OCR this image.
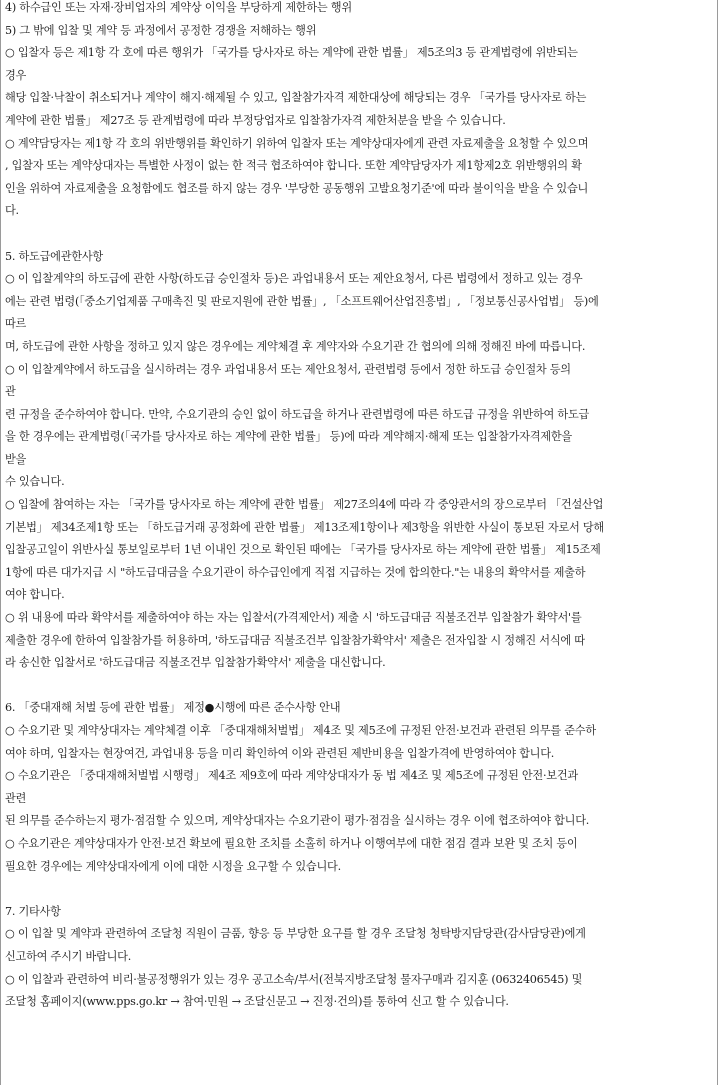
4) 하수급인 또는 자재·장비업자의 계약상 이익을 부당하게 제한하는 행위
5) 그 밖에 입찰 및 계약 등 과정에서 공정한 경쟁을 저해하는 행위
○ 입찰자 등은 제1항 각 호에 따른 행위가 「국가를 당사자로 하는 계약에 관한 법률」 제5조의3 등 관계법령에 위반되는
경우
해당 입찰·낙찰이 취소되거나 계약이 해지·해제될 수 있고, 입찰참가자격 제한대상에 해당되는 경우 「국가를 당사자로 하는
계약에 관한 법률」 제27조 등 관계법령에 따라 부정당업자로 입찰참가자격 제한처분을 받을 수 있습니다.
○ 계약담당자는 제1항 각 호의 위반행위를 확인하기 위하여 입찰자 또는 계약상대자에게 관련 자료제출을 요청할 수 있으며
, 입찰자 또는 계약상대자는 특별한 사정이 없는 한 적극 협조하여야 합니다. 또한 계약담당자가 제1항제2호 위반행위의 확
인을 위하여 자료제출을 요청함에도 협조를 하지 않는 경우 '부당한 공동행위 고발요청기준'에 따라 불이익을 받을 수 있습니
다.
5. 하도급에관한사항
○ 이 입찰계약의 하도급에 관한 사항(하도급 승인절차 등)은 과업내용서 또는 제안요청서, 다른 법령에서 정하고 있는 경우
에는 관련 법령(「중소기업제품 구매촉진 및 판로지원에 관한 법률」, 「소프트웨어산업진흥법」, 「정보통신공사업법」 등)에
따르
며, 하도급에 관한 사항을 정하고 있지 않은 경우에는 계약체결 후 계약자와 수요기관 간 협의에 의해 정해진 바에 따릅니다.
○ 이 입찰계약에서 하도급을 실시하려는 경우 과업내용서 또는 제안요청서, 관련법령 등에서 정한 하도급 승인절차 등의
관
련 규정을 준수하여야 합니다. 만약, 수요기관의 승인 없이 하도급을 하거나 관련법령에 따른 하도급 규정을 위반하여 하도급
을 한 경우에는 관계법령(「국가를 당사자로 하는 계약에 관한 법률」 등)에 따라 계약해지·해제 또는 입찰참가자격제한을
받을
수 있습니다.
○ 입찰에 참여하는 자는 「국가를 당사자로 하는 계약에 관한 법률」 제27조의4에 따라 각 중앙관서의 장으로부터 「건설산업
기본법」 제34조제1항 또는 「하도급거래 공정화에 관한 법률」 제13조제1항이나 제3항을 위반한 사실이 통보된 자로서 당해
입찰공고일이 위반사실 통보일로부터 1년 이내인 것으로 확인된 때에는 「국가를 당사자로 하는 계약에 관한 법률」 제15조제
1항에 따른 대가지급 시 "하도급대금을 수요기관이 하수급인에게 직접 지급하는 것에 합의한다."는 내용의 확약서를 제출하
여야 합니다.
○ 위 내용에 따라 확약서를 제출하여야 하는 자는 입찰서(가격제안서) 제출 시 '하도급대금 직불조건부 입찰참가 확약서'를
제출한 경우에 한하여 입찰참가를 허용하며, '하도급대금 직불조건부 입찰참가확약서' 제출은 전자입찰 시 정해진 서식에 따
라 송신한 입찰서로 '하도급대금 직불조건부 입찰참가확약서' 제출을 대신합니다.
6. 「중대재해 처벌 등에 관한 법률」 제정●시행에 따른 준수사항 안내
○ 수요기관 및 계약상대자는 계약체결 이후 「중대재해처벌법」 제4조 및 제5조에 규정된 안전·보건과 관련된 의무를 준수하
여야 하며, 입찰자는 현장여건, 과업내용 등을 미리 확인하여 이와 관련된 제반비용을 입찰가격에 반영하여야 합니다.
○ 수요기관은 「중대재해처벌법 시행령」 제4조 제9호에 따라 계약상대자가 동 법 제4조 및 제5조에 규정된 안전·보건과
관련
된 의무를 준수하는지 평가·점검할 수 있으며, 계약상대자는 수요기관이 평가·점검을 실시하는 경우 이에 협조하여야 합니다.
○ 수요기관은 계약상대자가 안전·보건 확보에 필요한 조치를 소홀히 하거나 이행여부에 대한 점검 결과 보완 및 조치 등이
필요한 경우에는 계약상대자에게 이에 대한 시정을 요구할 수 있습니다.
7. 기타사항
○ 이 입찰 및 계약과 관련하여 조달청 직원이 금품, 향응 등 부당한 요구를 할 경우 조달청 청탁방지담당관(감사담당관)에게
신고하여 주시기 바랍니다.
○ 이 입찰과 관련하여 비리·불공정행위가 있는 경우 공고소속/부서(전북지방조달청 물자구매과 김지훈 (0632406545) 및
조달청 홈페이지(www.pps.go.kr → 참여·민원 → 조달신문고 → 진정·건의)를 통하여 신고 할 수 있습니다.
